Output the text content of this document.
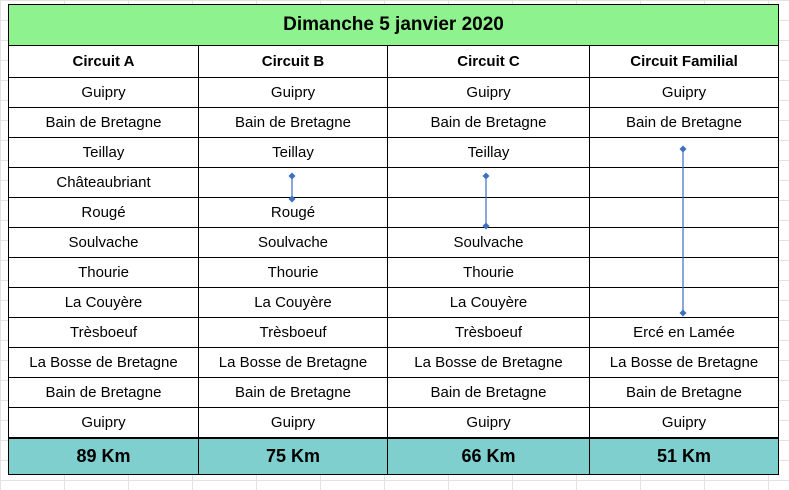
Dimanche 5 janvier 2020			
Circuit A	Circuit B	Circuit C	Circuit Familial
Guipry	Guipry	Guipry	Guipry
Bain de Bretagne	Bain de Bretagne	Bain de Bretagne	Bain de Bretagne
Teillay	Teillay	Teillay	
Châteaubriant			
Rougé	Rougé		
Soulvache	Soulvache	Soulvache	
Thourie	Thourie	Thourie	
La Couyère	La Couyère	La Couyère	
Trèsboeuf	Trèsboeuf	Trèsboeuf	Ercé en Lamée
La Bosse de Bretagne	La Bosse de Bretagne	La Bosse de Bretagne	La Bosse de Bretagne
Bain de Bretagne	Bain de Bretagne	Bain de Bretagne	Bain de Bretagne
Guipry	Guipry	Guipry	Guipry
89 Km	75 Km	66 Km	51 Km
